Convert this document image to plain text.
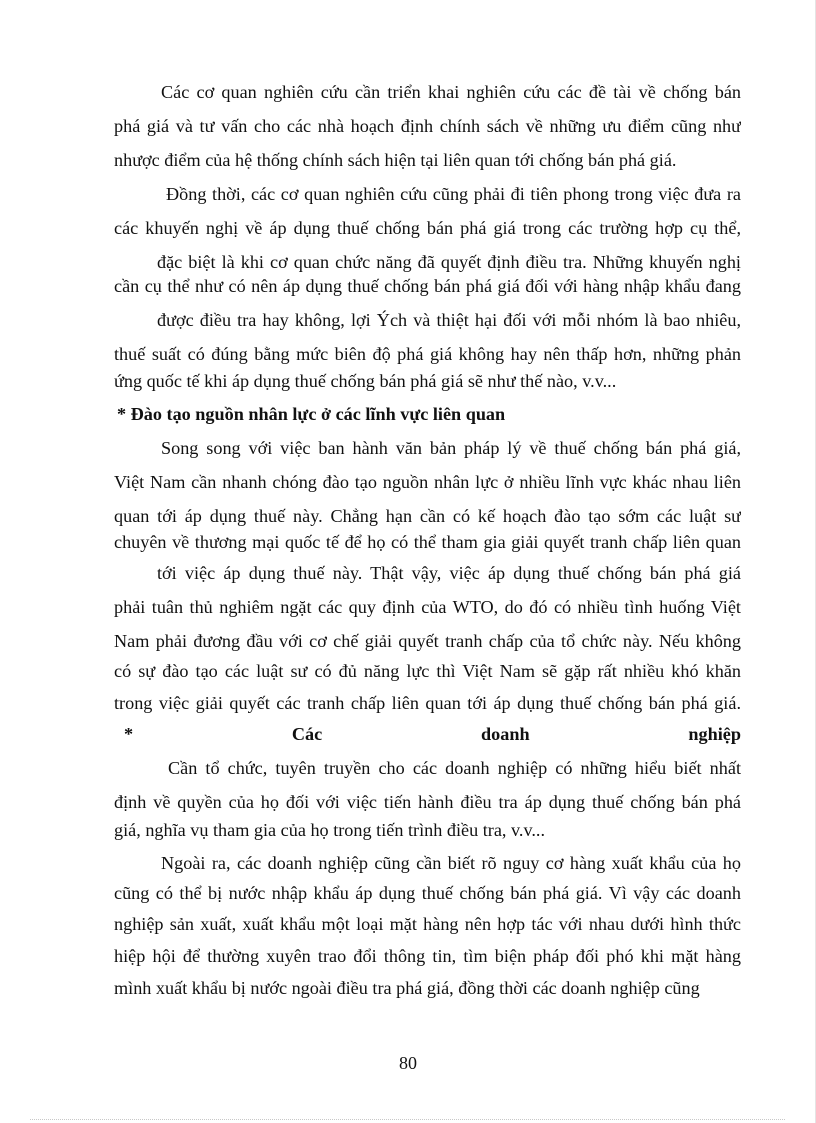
Các cơ quan nghiên cứu cần triển khai nghiên cứu các đề tài về chống bán
phá giá và tư vấn cho các nhà hoạch định chính sách về những ưu điểm cũng như
nhược điểm của hệ thống chính sách hiện tại liên quan tới chống bán phá giá.
Đồng thời, các cơ quan nghiên cứu cũng phải đi tiên phong trong việc đưa ra
các khuyến nghị về áp dụng thuế chống bán phá giá trong các trường hợp cụ thể,
đặc biệt là khi cơ quan chức năng đã quyết định điều tra. Những khuyến nghị
cần cụ thể như có nên áp dụng thuế chống bán phá giá đối với hàng nhập khẩu đang
được điều tra hay không, lợi Ých và thiệt hại đối với mỗi nhóm là bao nhiêu,
thuế suất có đúng bằng mức biên độ phá giá không hay nên thấp hơn, những phản
ứng quốc tế khi áp dụng thuế chống bán phá giá sẽ như thế nào, v.v...
* Đào tạo nguồn nhân lực ở các lĩnh vực liên quan
Song song với việc ban hành văn bản pháp lý về thuế chống bán phá giá,
Việt Nam cần nhanh chóng đào tạo nguồn nhân lực ở nhiều lĩnh vực khác nhau liên
quan tới áp dụng thuế này. Chẳng hạn cần có kế hoạch đào tạo sớm các luật sư
chuyên về thương mại quốc tế để họ có thể tham gia giải quyết tranh chấp liên quan
tới việc áp dụng thuế này. Thật vậy, việc áp dụng thuế chống bán phá giá
phải tuân thủ nghiêm ngặt các quy định của WTO, do đó có nhiều tình huống Việt
Nam phải đương đầu với cơ chế giải quyết tranh chấp của tổ chức này. Nếu không
có sự đào tạo các luật sư có đủ năng lực thì Việt Nam sẽ gặp rất nhiều khó khăn
trong việc giải quyết các tranh chấp liên quan tới áp dụng thuế chống bán phá giá.
* Các doanh nghiệp
Cần tổ chức, tuyên truyền cho các doanh nghiệp có những hiểu biết nhất
định về quyền của họ đối với việc tiến hành điều tra áp dụng thuế chống bán phá
giá, nghĩa vụ tham gia của họ trong tiến trình điều tra, v.v...
Ngoài ra, các doanh nghiệp cũng cần biết rõ nguy cơ hàng xuất khẩu của họ
cũng có thể bị nước nhập khẩu áp dụng thuế chống bán phá giá. Vì vậy các doanh
nghiệp sản xuất, xuất khẩu một loại mặt hàng nên hợp tác với nhau dưới hình thức
hiệp hội để thường xuyên trao đổi thông tin, tìm biện pháp đối phó khi mặt hàng
mình xuất khẩu bị nước ngoài điều tra phá giá, đồng thời các doanh nghiệp cũng
80
